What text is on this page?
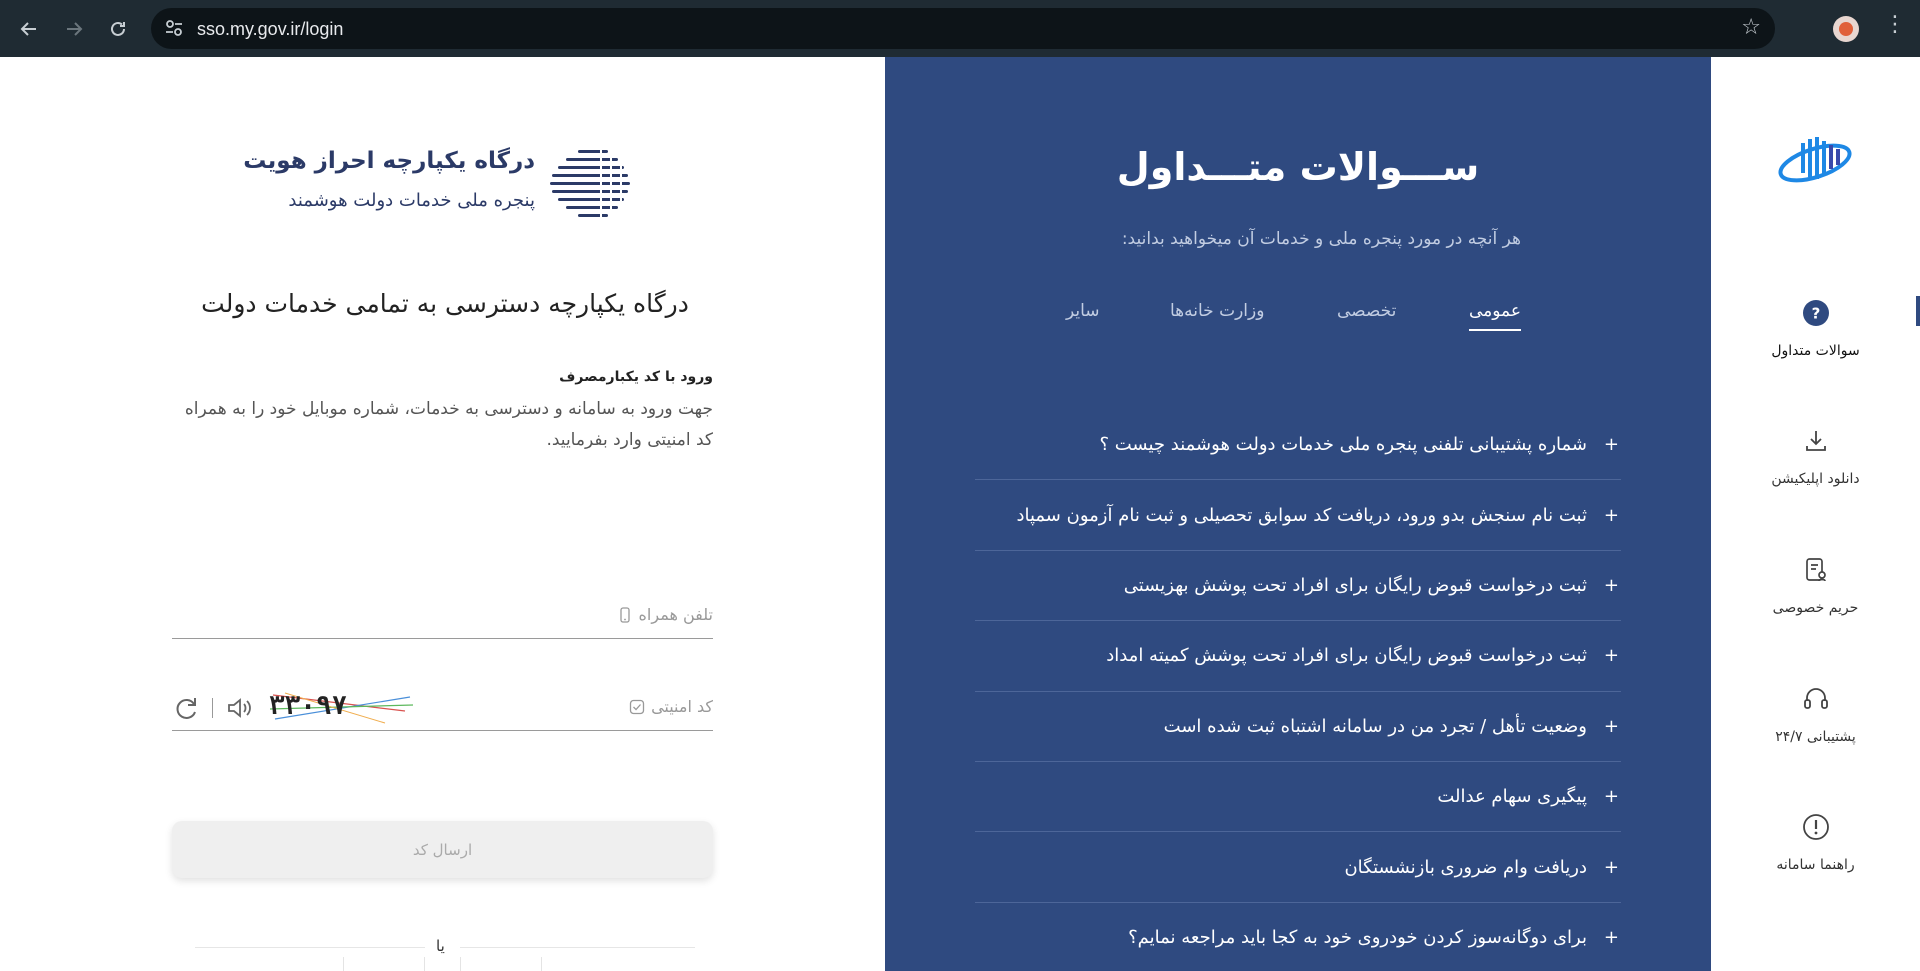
sso.my.gov.ir/login	☆	⋮
درگاه یکپارچه احراز هویت
پنجره ملی خدمات دولت هوشمند
درگاه یکپارچه دسترسی به تمامی خدمات دولت
ورود با کد یکبارمصرف
جهت ورود به سامانه و دسترسی به خدمات، شماره موبایل خود را به همراه کد امنیتی وارد بفرمایید.
تلفن همراه
کد امنیتی
۳۳۰۹۷
ارسال کد
یا
ســـوالات متـــداول
هر آنچه در مورد پنجره ملی و خدمات آن میخواهید بدانید:
عمومی
تخصصی
وزارت خانه‌ها
سایر
+
شماره پشتیبانی تلفنی پنجره ملی خدمات دولت هوشمند چیست ؟
+
ثبت نام سنجش بدو ورود، دریافت کد سوابق تحصیلی و ثبت نام آزمون سمپاد
+
ثبت درخواست قبوض رایگان برای افراد تحت پوشش بهزیستی
+
ثبت درخواست قبوض رایگان برای افراد تحت پوشش کمیته امداد
+
وضعیت تأهل / تجرد من در سامانه اشتباه ثبت شده است
+
پیگیری سهام عدالت
+
دریافت وام ضروری بازنشستگان
+
برای دوگانه‌سوز کردن خودروی خود به کجا باید مراجعه نمایم؟
?
سوالات متداول
دانلود اپلیکیشن
حریم خصوصی
پشتیبانی ۲۴/۷
راهنما سامانه
